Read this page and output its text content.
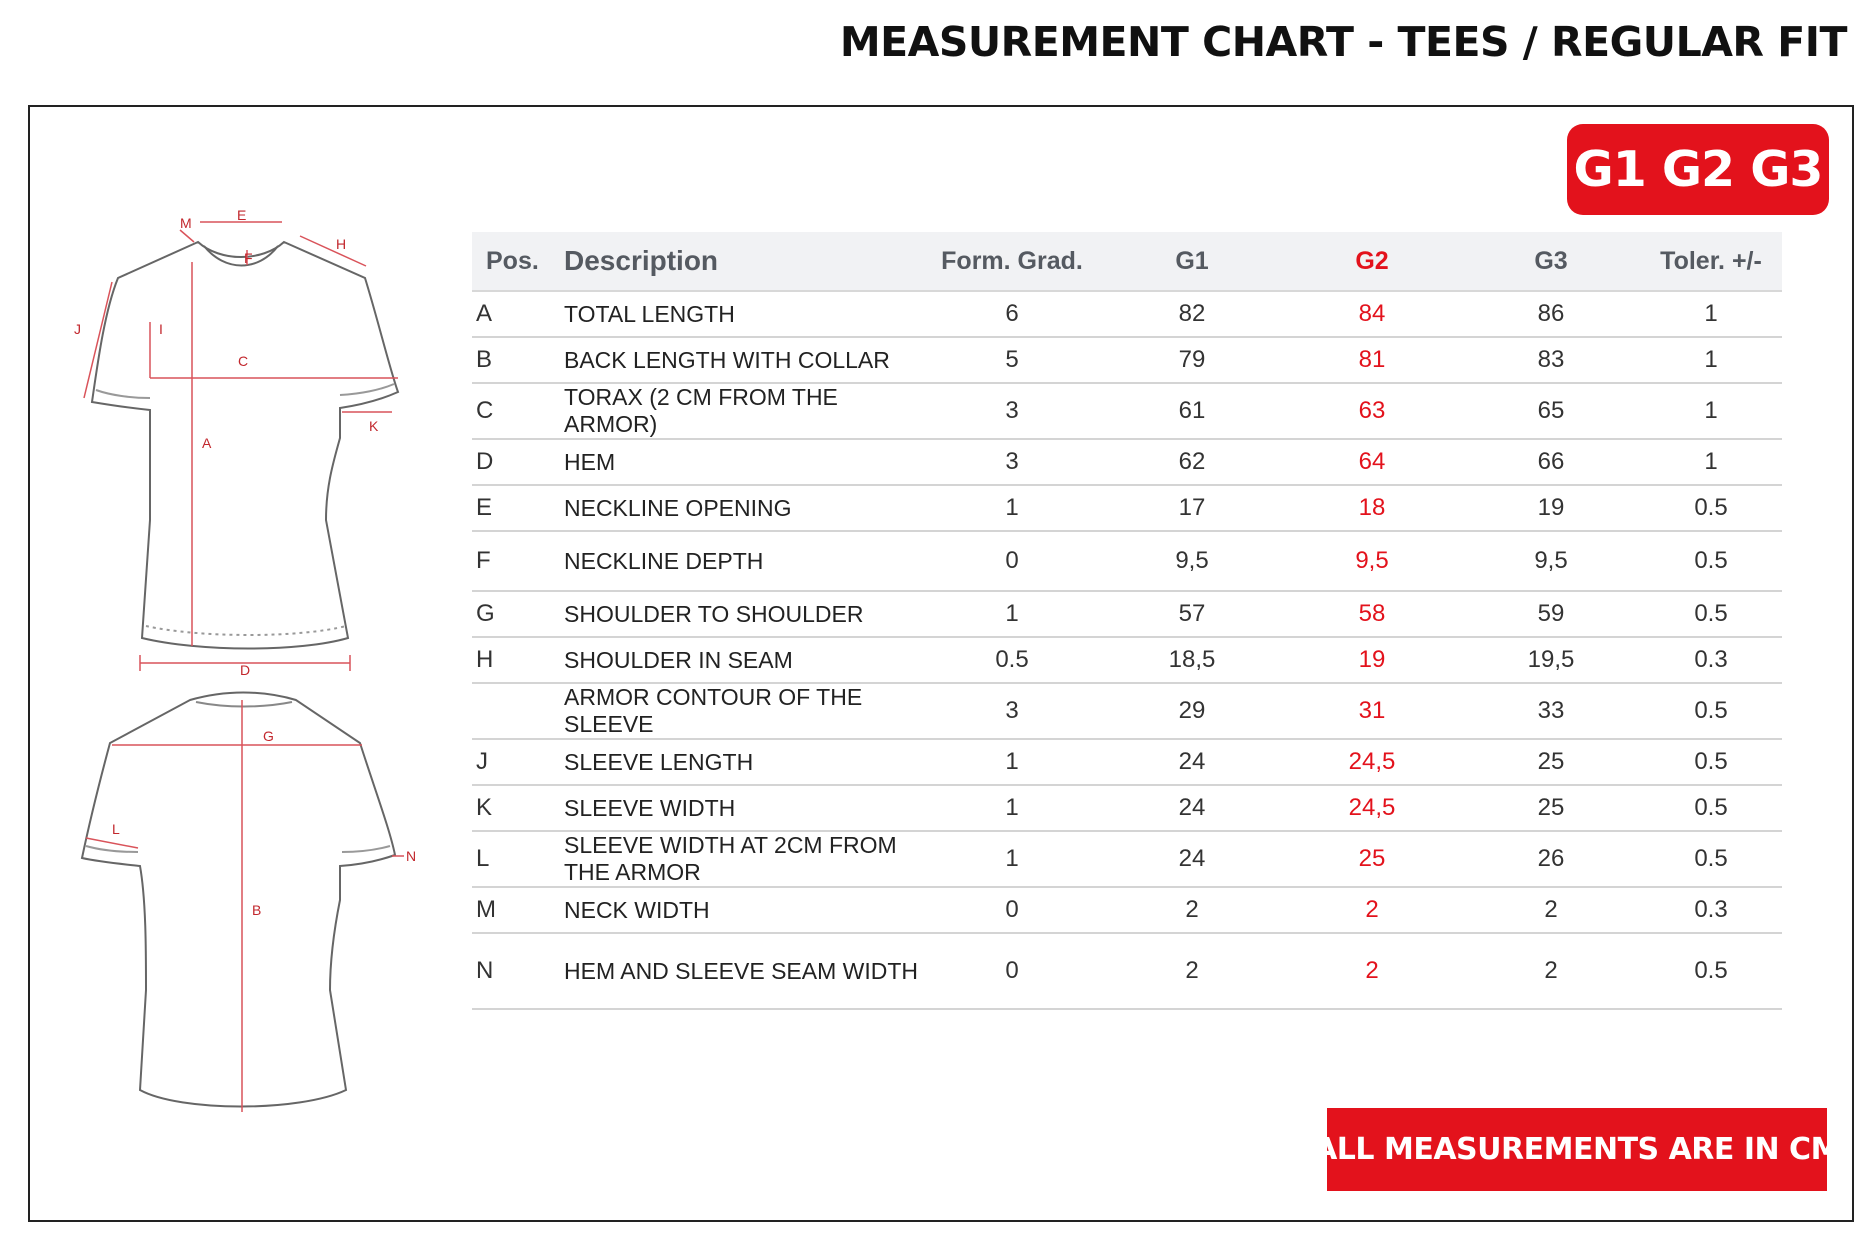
MEASUREMENT CHART - TEES / REGULAR FIT
G1 G2 G3
M	E
F
H
J	I
C
K
A
D
G
L
N
B
Pos.	Description	Form. Grad.	G1	G2	G3	Toler. +/-
A	TOTAL LENGTH	6	82	84	86	1
B	BACK LENGTH WITH COLLAR	5	79	81	83	1
C	TORAX (2 CM FROM THE ARMOR)	3	61	63	65	1
D	HEM	3	62	64	66	1
E	NECKLINE OPENING	1	17	18	19	0.5
F	NECKLINE DEPTH	0	9,5	9,5	9,5	0.5
G	SHOULDER TO SHOULDER	1	57	58	59	0.5
H	SHOULDER IN SEAM	0.5	18,5	19	19,5	0.3
	ARMOR CONTOUR OF THE SLEEVE	3	29	31	33	0.5
J	SLEEVE LENGTH	1	24	24,5	25	0.5
K	SLEEVE WIDTH	1	24	24,5	25	0.5
L	SLEEVE WIDTH AT 2CM FROM THE ARMOR	1	24	25	26	0.5
M	NECK WIDTH	0	2	2	2	0.3
N	HEM AND SLEEVE SEAM WIDTH	0	2	2	2	0.5
ALL MEASUREMENTS ARE IN CM
